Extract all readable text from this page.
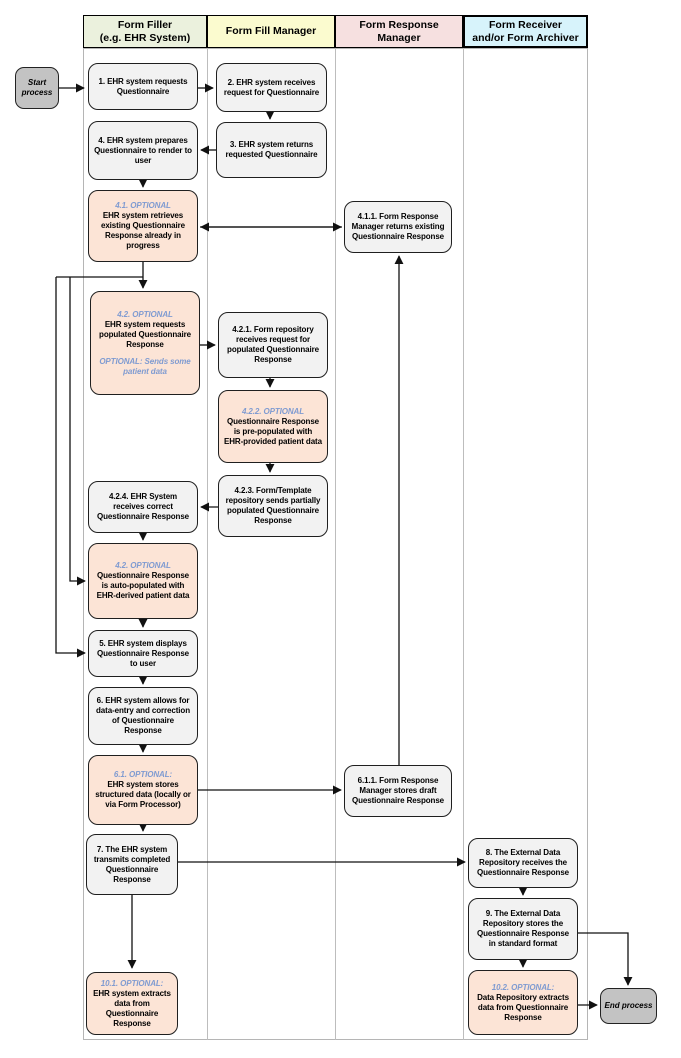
Form Filler
(e.g. EHR System)
Form Fill Manager
Form Response
Manager
Form Receiver
and/or Form Archiver
Start process
End process
1. EHR system requests Questionnaire
4. EHR system prepares Questionnaire to render to user
4.1. OPTIONAL
EHR system retrieves existing Questionnaire Response already in progress
4.2. OPTIONAL
EHR system requests populated Questionnaire Response
OPTIONAL: Sends some patient data
4.2.4. EHR System receives correct Questionnaire Response
4.2. OPTIONAL
Questionnaire Response is auto-populated with EHR-derived patient data
5. EHR system displays Questionnaire Response to user
6. EHR system allows for data-entry and correction of Questionnaire Response
6.1. OPTIONAL:
EHR system stores structured data (locally or via Form Processor)
7. The EHR system transmits completed Questionnaire Response
10.1. OPTIONAL:
EHR system extracts data from Questionnaire Response
2. EHR system receives request for Questionnaire
3. EHR system returns requested Questionnaire
4.2.1. Form repository receives request for populated Questionnaire Response
4.2.2. OPTIONAL
Questionnaire Response is pre-populated with EHR-provided patient data
4.2.3. Form/Template repository sends partially populated Questionnaire Response
4.1.1. Form Response Manager returns existing Questionnaire Response
6.1.1. Form Response Manager stores draft Questionnaire Response
8. The External Data Repository receives the Questionnaire Response
9. The External Data Repository stores the Questionnaire Response in standard format
10.2. OPTIONAL:
Data Repository extracts data from Questionnaire Response
